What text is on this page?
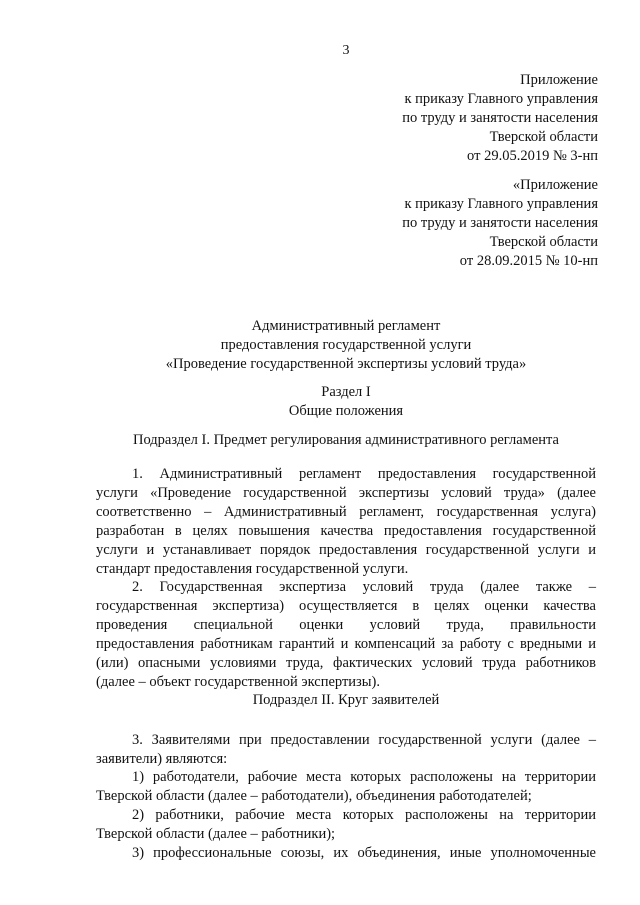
3
Приложение
к приказу Главного управления
по труду и занятости населения
Тверской области
от 29.05.2019 № 3-нп
«Приложение
к приказу Главного управления
по труду и занятости населения
Тверской области
от 28.09.2015 № 10-нп
Административный регламент
предоставления государственной услуги
«Проведение государственной экспертизы условий труда»
Раздел I
Общие положения
Подраздел I. Предмет регулирования административного регламента
1. Административный регламент предоставления государственной
услуги «Проведение государственной экспертизы условий труда» (далее
соответственно – Административный регламент, государственная услуга)
разработан в целях повышения качества предоставления государственной
услуги и устанавливает порядок предоставления государственной услуги и
стандарт предоставления государственной услуги.
2. Государственная экспертиза условий труда (далее также –
государственная экспертиза) осуществляется в целях оценки качества
проведения специальной оценки условий труда, правильности
предоставления работникам гарантий и компенсаций за работу с вредными и
(или) опасными условиями труда, фактических условий труда работников
(далее – объект государственной экспертизы).
Подраздел II. Круг заявителей
3. Заявителями при предоставлении государственной услуги (далее –
заявители) являются:
1) работодатели, рабочие места которых расположены на территории
Тверской области (далее – работодатели), объединения работодателей;
2) работники, рабочие места которых расположены на территории
Тверской области (далее – работники);
3) профессиональные союзы, их объединения, иные уполномоченные
